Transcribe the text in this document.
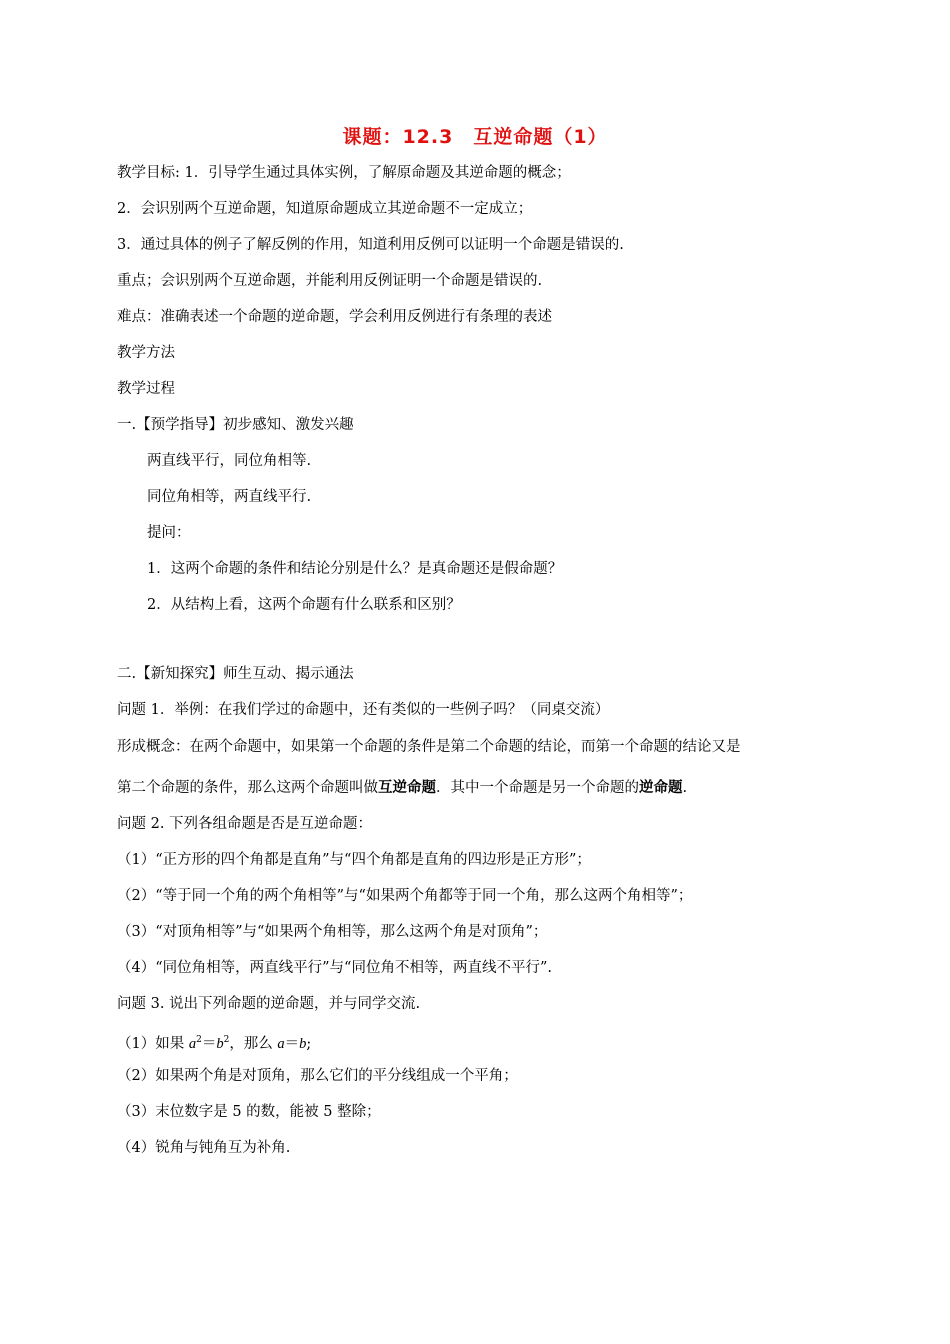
课题：12.3　互逆命题（1）
教学目标: 1．引导学生通过具体实例，了解原命题及其逆命题的概念；
2．会识别两个互逆命题，知道原命题成立其逆命题不一定成立；
3．通过具体的例子了解反例的作用，知道利用反例可以证明一个命题是错误的.
重点；会识别两个互逆命题，并能利用反例证明一个命题是错误的.
难点：准确表述一个命题的逆命题，学会利用反例进行有条理的表述
教学方法
教学过程
一.【预学指导】初步感知、激发兴趣
两直线平行，同位角相等.
同位角相等，两直线平行.
提问：
1．这两个命题的条件和结论分别是什么？是真命题还是假命题？
2．从结构上看，这两个命题有什么联系和区别？
二.【新知探究】师生互动、揭示通法
问题 1．举例：在我们学过的命题中，还有类似的一些例子吗？（同桌交流）
形成概念：在两个命题中，如果第一个命题的条件是第二个命题的结论，而第一个命题的结论又是
第二个命题的条件，那么这两个命题叫做互逆命题．其中一个命题是另一个命题的逆命题.
问题 2. 下列各组命题是否是互逆命题：
（1）“正方形的四个角都是直角”与“四个角都是直角的四边形是正方形”；
（2）“等于同一个角的两个角相等”与“如果两个角都等于同一个角，那么这两个角相等”；
（3）“对顶角相等”与“如果两个角相等，那么这两个角是对顶角”；
（4）“同位角相等，两直线平行”与“同位角不相等，两直线不平行”.
问题 3. 说出下列命题的逆命题，并与同学交流.
（1）如果 $a^2=b^2$，那么 a＝b;
（2）如果两个角是对顶角，那么它们的平分线组成一个平角；
（3）末位数字是 5 的数，能被 5 整除；
（4）锐角与钝角互为补角.
